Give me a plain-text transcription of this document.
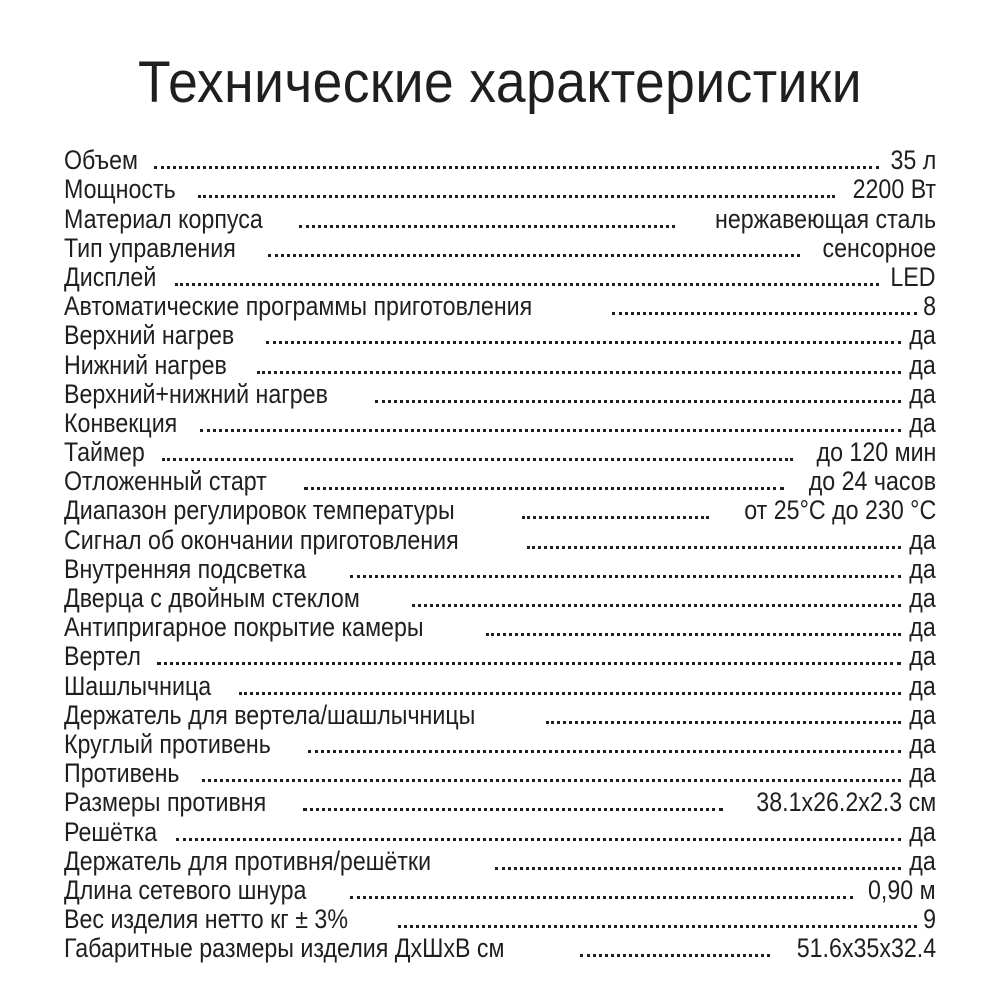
Технические характеристики
Объем	35 л
Мощность	2200 Вт
Материал корпуса	нержавеющая сталь
Тип управления	сенсорное
Дисплей	LED
Автоматические программы приготовления	8
Верхний нагрев	да
Нижний нагрев	да
Верхний+нижний нагрев	да
Конвекция	да
Таймер	до 120 мин
Отложенный старт	до 24 часов
Диапазон регулировок температуры	от 25°С до 230 °С
Сигнал об окончании приготовления	да
Внутренняя подсветка	да
Дверца с двойным стеклом	да
Антипригарное покрытие камеры	да
Вертел	да
Шашлычница	да
Держатель для вертела/шашлычницы	да
Круглый противень	да
Противень	да
Размеры противня	38.1x26.2x2.3 см
Решётка	да
Держатель для противня/решётки	да
Длина сетевого шнура	0,90 м
Вес изделия нетто кг ± 3%	9
Габаритные размеры изделия ДхШхВ см	51.6x35x32.4
